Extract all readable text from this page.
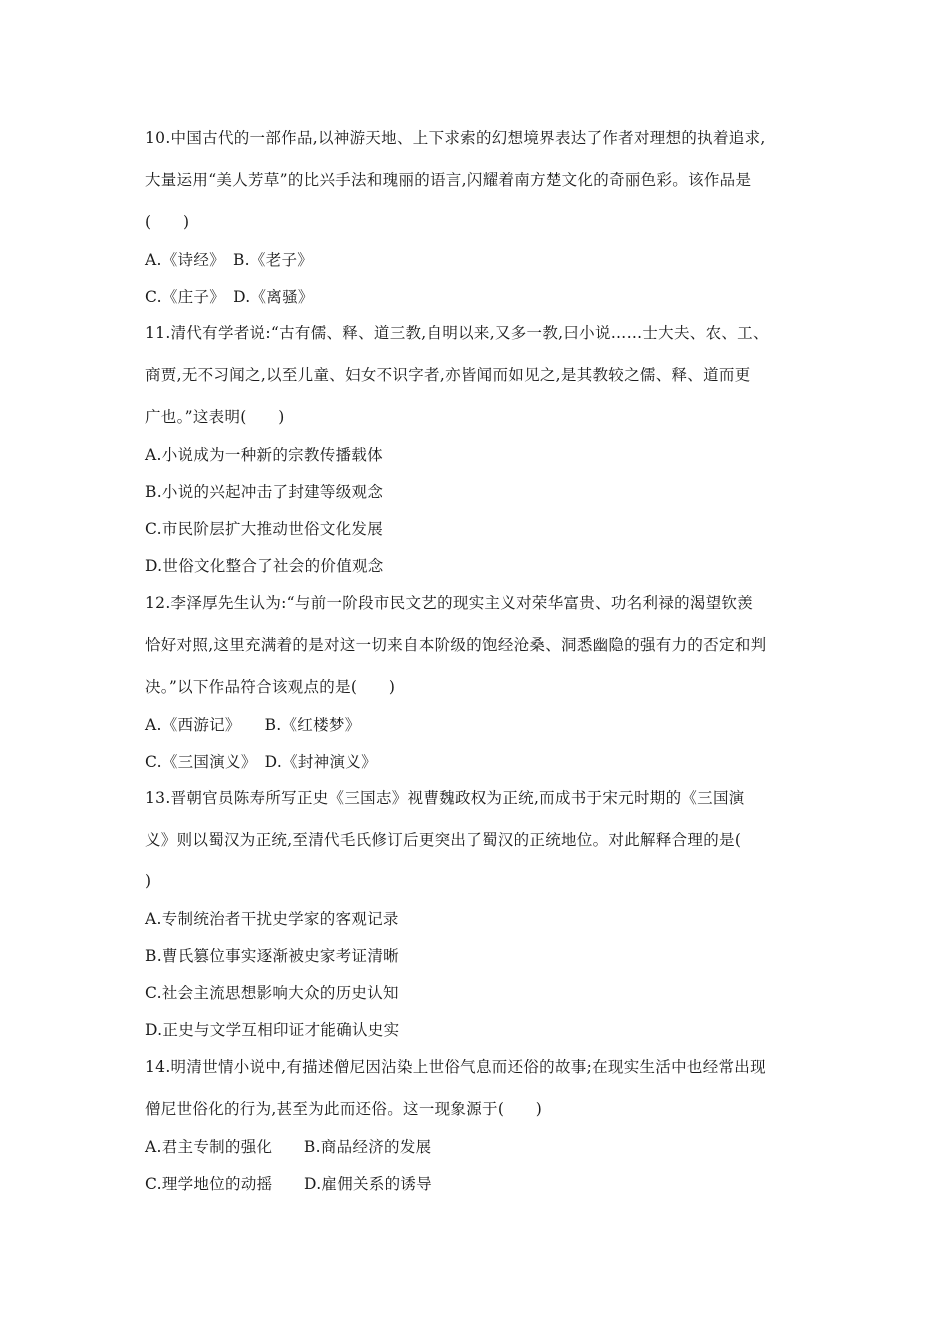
10.中国古代的一部作品,以神游天地、上下求索的幻想境界表达了作者对理想的执着追求,
大量运用“美人芳草”的比兴手法和瑰丽的语言,闪耀着南方楚文化的奇丽色彩。该作品是
(　　)
A.《诗经》　B.《老子》
C.《庄子》　D.《离骚》
11.清代有学者说:“古有儒、释、道三教,自明以来,又多一教,曰小说……士大夫、农、工、
商贾,无不习闻之,以至儿童、妇女不识字者,亦皆闻而如见之,是其教较之儒、释、道而更
广也。”这表明(　　)
A.小说成为一种新的宗教传播载体
B.小说的兴起冲击了封建等级观念
C.市民阶层扩大推动世俗文化发展
D.世俗文化整合了社会的价值观念
12.李泽厚先生认为:“与前一阶段市民文艺的现实主义对荣华富贵、功名利禄的渴望钦羡
恰好对照,这里充满着的是对这一切来自本阶级的饱经沧桑、洞悉幽隐的强有力的否定和判
决。”以下作品符合该观点的是(　　)
A.《西游记》　　B.《红楼梦》
C.《三国演义》　D.《封神演义》
13.晋朝官员陈寿所写正史《三国志》视曹魏政权为正统,而成书于宋元时期的《三国演
义》则以蜀汉为正统,至清代毛氏修订后更突出了蜀汉的正统地位。对此解释合理的是(
)
A.专制统治者干扰史学家的客观记录
B.曹氏篡位事实逐渐被史家考证清晰
C.社会主流思想影响大众的历史认知
D.正史与文学互相印证才能确认史实
14.明清世情小说中,有描述僧尼因沾染上世俗气息而还俗的故事;在现实生活中也经常出现
僧尼世俗化的行为,甚至为此而还俗。这一现象源于(　　)
A.君主专制的强化　　B.商品经济的发展
C.理学地位的动摇　　D.雇佣关系的诱导
